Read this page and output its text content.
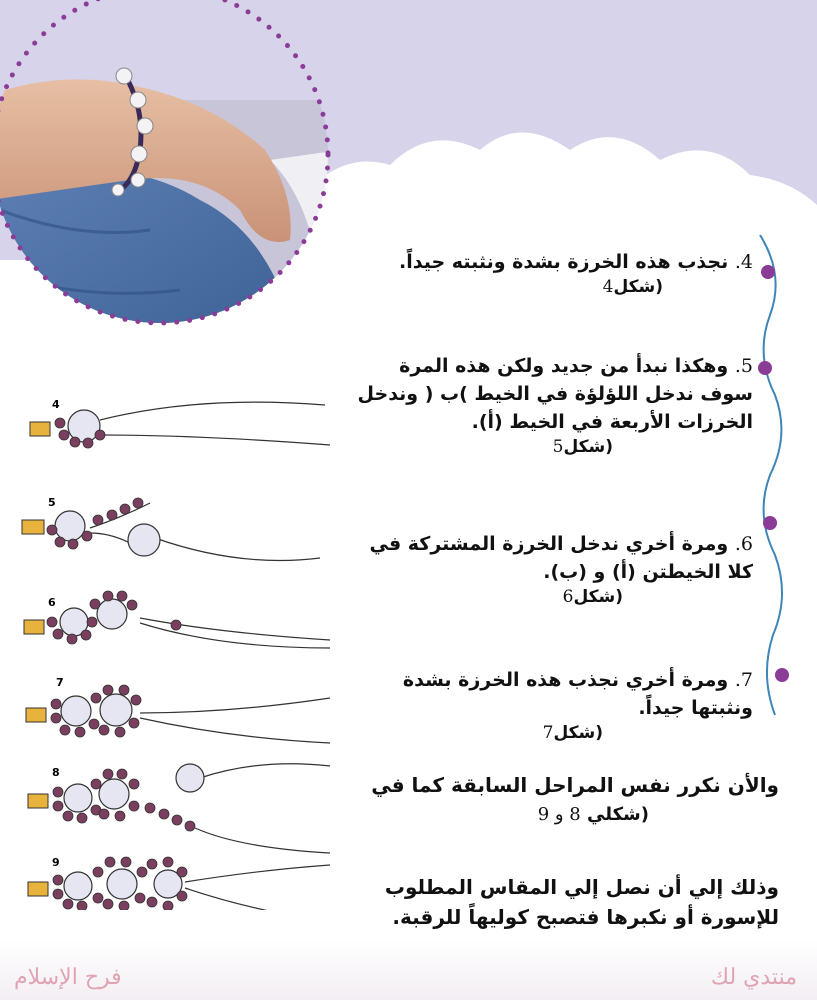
4. نجذب هذه الخرزة بشدة ونثبته جيداً.
(شكل4
5. وهكذا نبدأ من جديد ولكن هذه المرة سوف ندخل اللؤلؤة في الخيط )ب ( وندخل الخرزات الأربعة في الخيط (أ).
(شكل5
6. ومرة أخري ندخل الخرزة المشتركة في كلا الخيطتن (أ) و (ب).
(شكل6
7. ومرة أخري نجذب هذه الخرزة بشدة ونثبتها جيداً.
(شكل7
والأن نكرر نفس المراحل السابقة كما في
(شكلي 8 و 9
وذلك إلي أن نصل إلي المقاس المطلوب للإسورة أو نكبرها فتصبح كوليهاً للرقبة.
4
5
6
7
8
9
فرح الإسلام	منتدي لك
